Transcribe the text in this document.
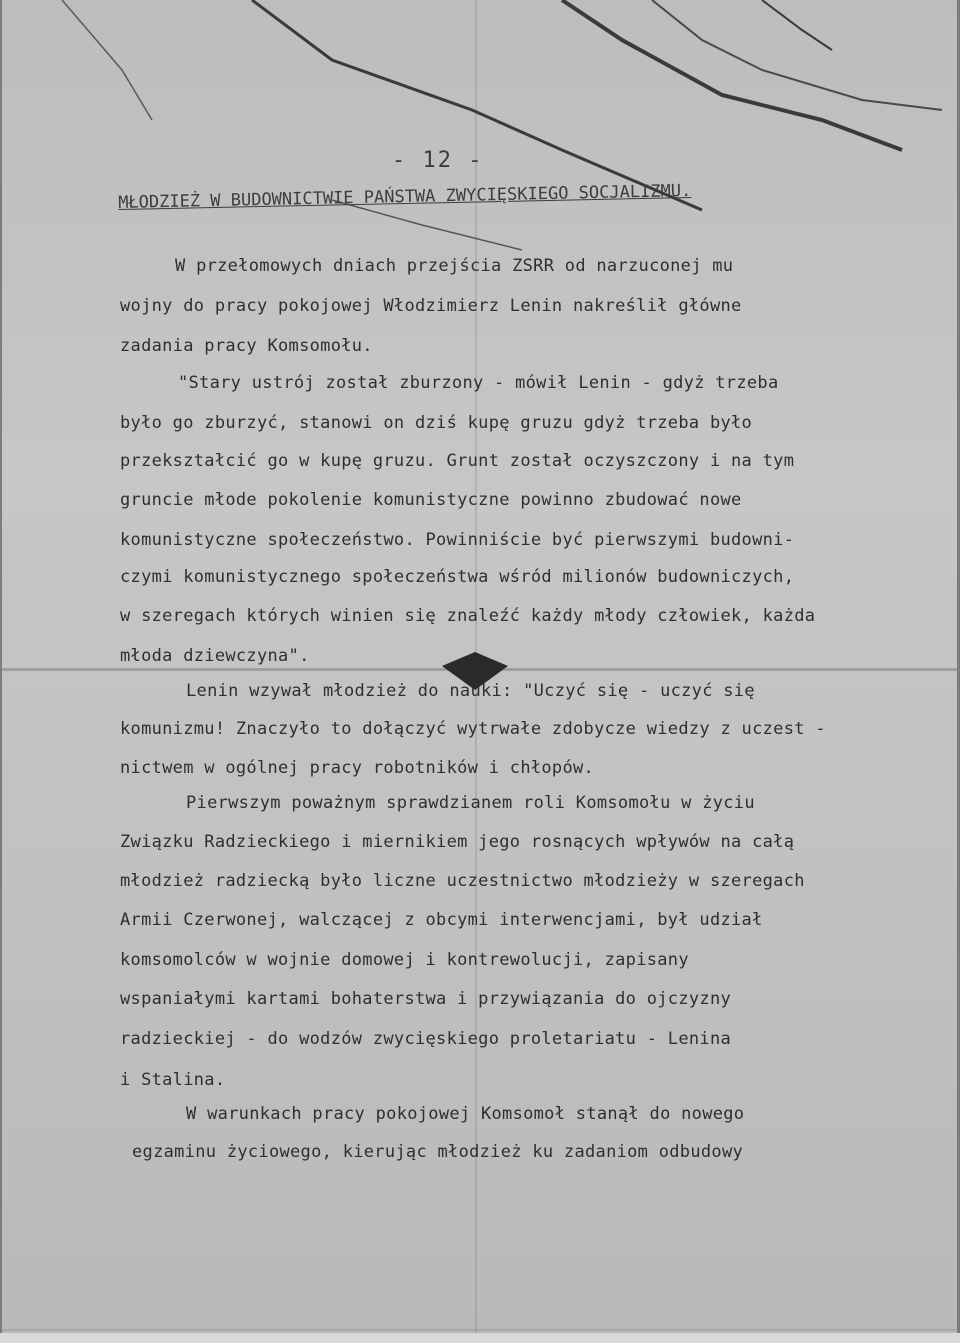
- 12 -
MŁODZIEŻ W BUDOWNICTWIE PAŃSTWA ZWYCIĘSKIEGO SOCJALIZMU.
W przełomowych dniach przejścia ZSRR od narzuconej mu
wojny do pracy pokojowej Włodzimierz Lenin nakreślił główne
zadania pracy Komsomołu.
"Stary ustrój został zburzony - mówił Lenin - gdyż trzeba
było go zburzyć, stanowi on dziś kupę gruzu gdyż trzeba było
przekształcić go w kupę gruzu. Grunt został oczyszczony i na tym
gruncie młode pokolenie komunistyczne powinno zbudować nowe
komunistyczne społeczeństwo. Powinniście być pierwszymi budowni-
czymi komunistycznego społeczeństwa wśród milionów budowniczych,
w szeregach których winien się znaleźć każdy młody człowiek, każda
młoda dziewczyna".
Lenin wzywał młodzież do nauki: "Uczyć się - uczyć się
komunizmu! Znaczyło to dołączyć wytrwałe zdobycze wiedzy z uczest -
nictwem w ogólnej pracy robotników i chłopów.
Pierwszym poważnym sprawdzianem roli Komsomołu w życiu
Związku Radzieckiego i miernikiem jego rosnących wpływów na całą
młodzież radziecką było liczne uczestnictwo młodzieży w szeregach
Armii Czerwonej, walczącej z obcymi interwencjami, był udział
komsomolców w wojnie domowej i kontrewolucji, zapisany
wspaniałymi kartami bohaterstwa i przywiązania do ojczyzny
radzieckiej - do wodzów zwycięskiego proletariatu - Lenina
i Stalina.
W warunkach pracy pokojowej Komsomoł stanął do nowego
egzaminu życiowego, kierując młodzież ku zadaniom odbudowy
